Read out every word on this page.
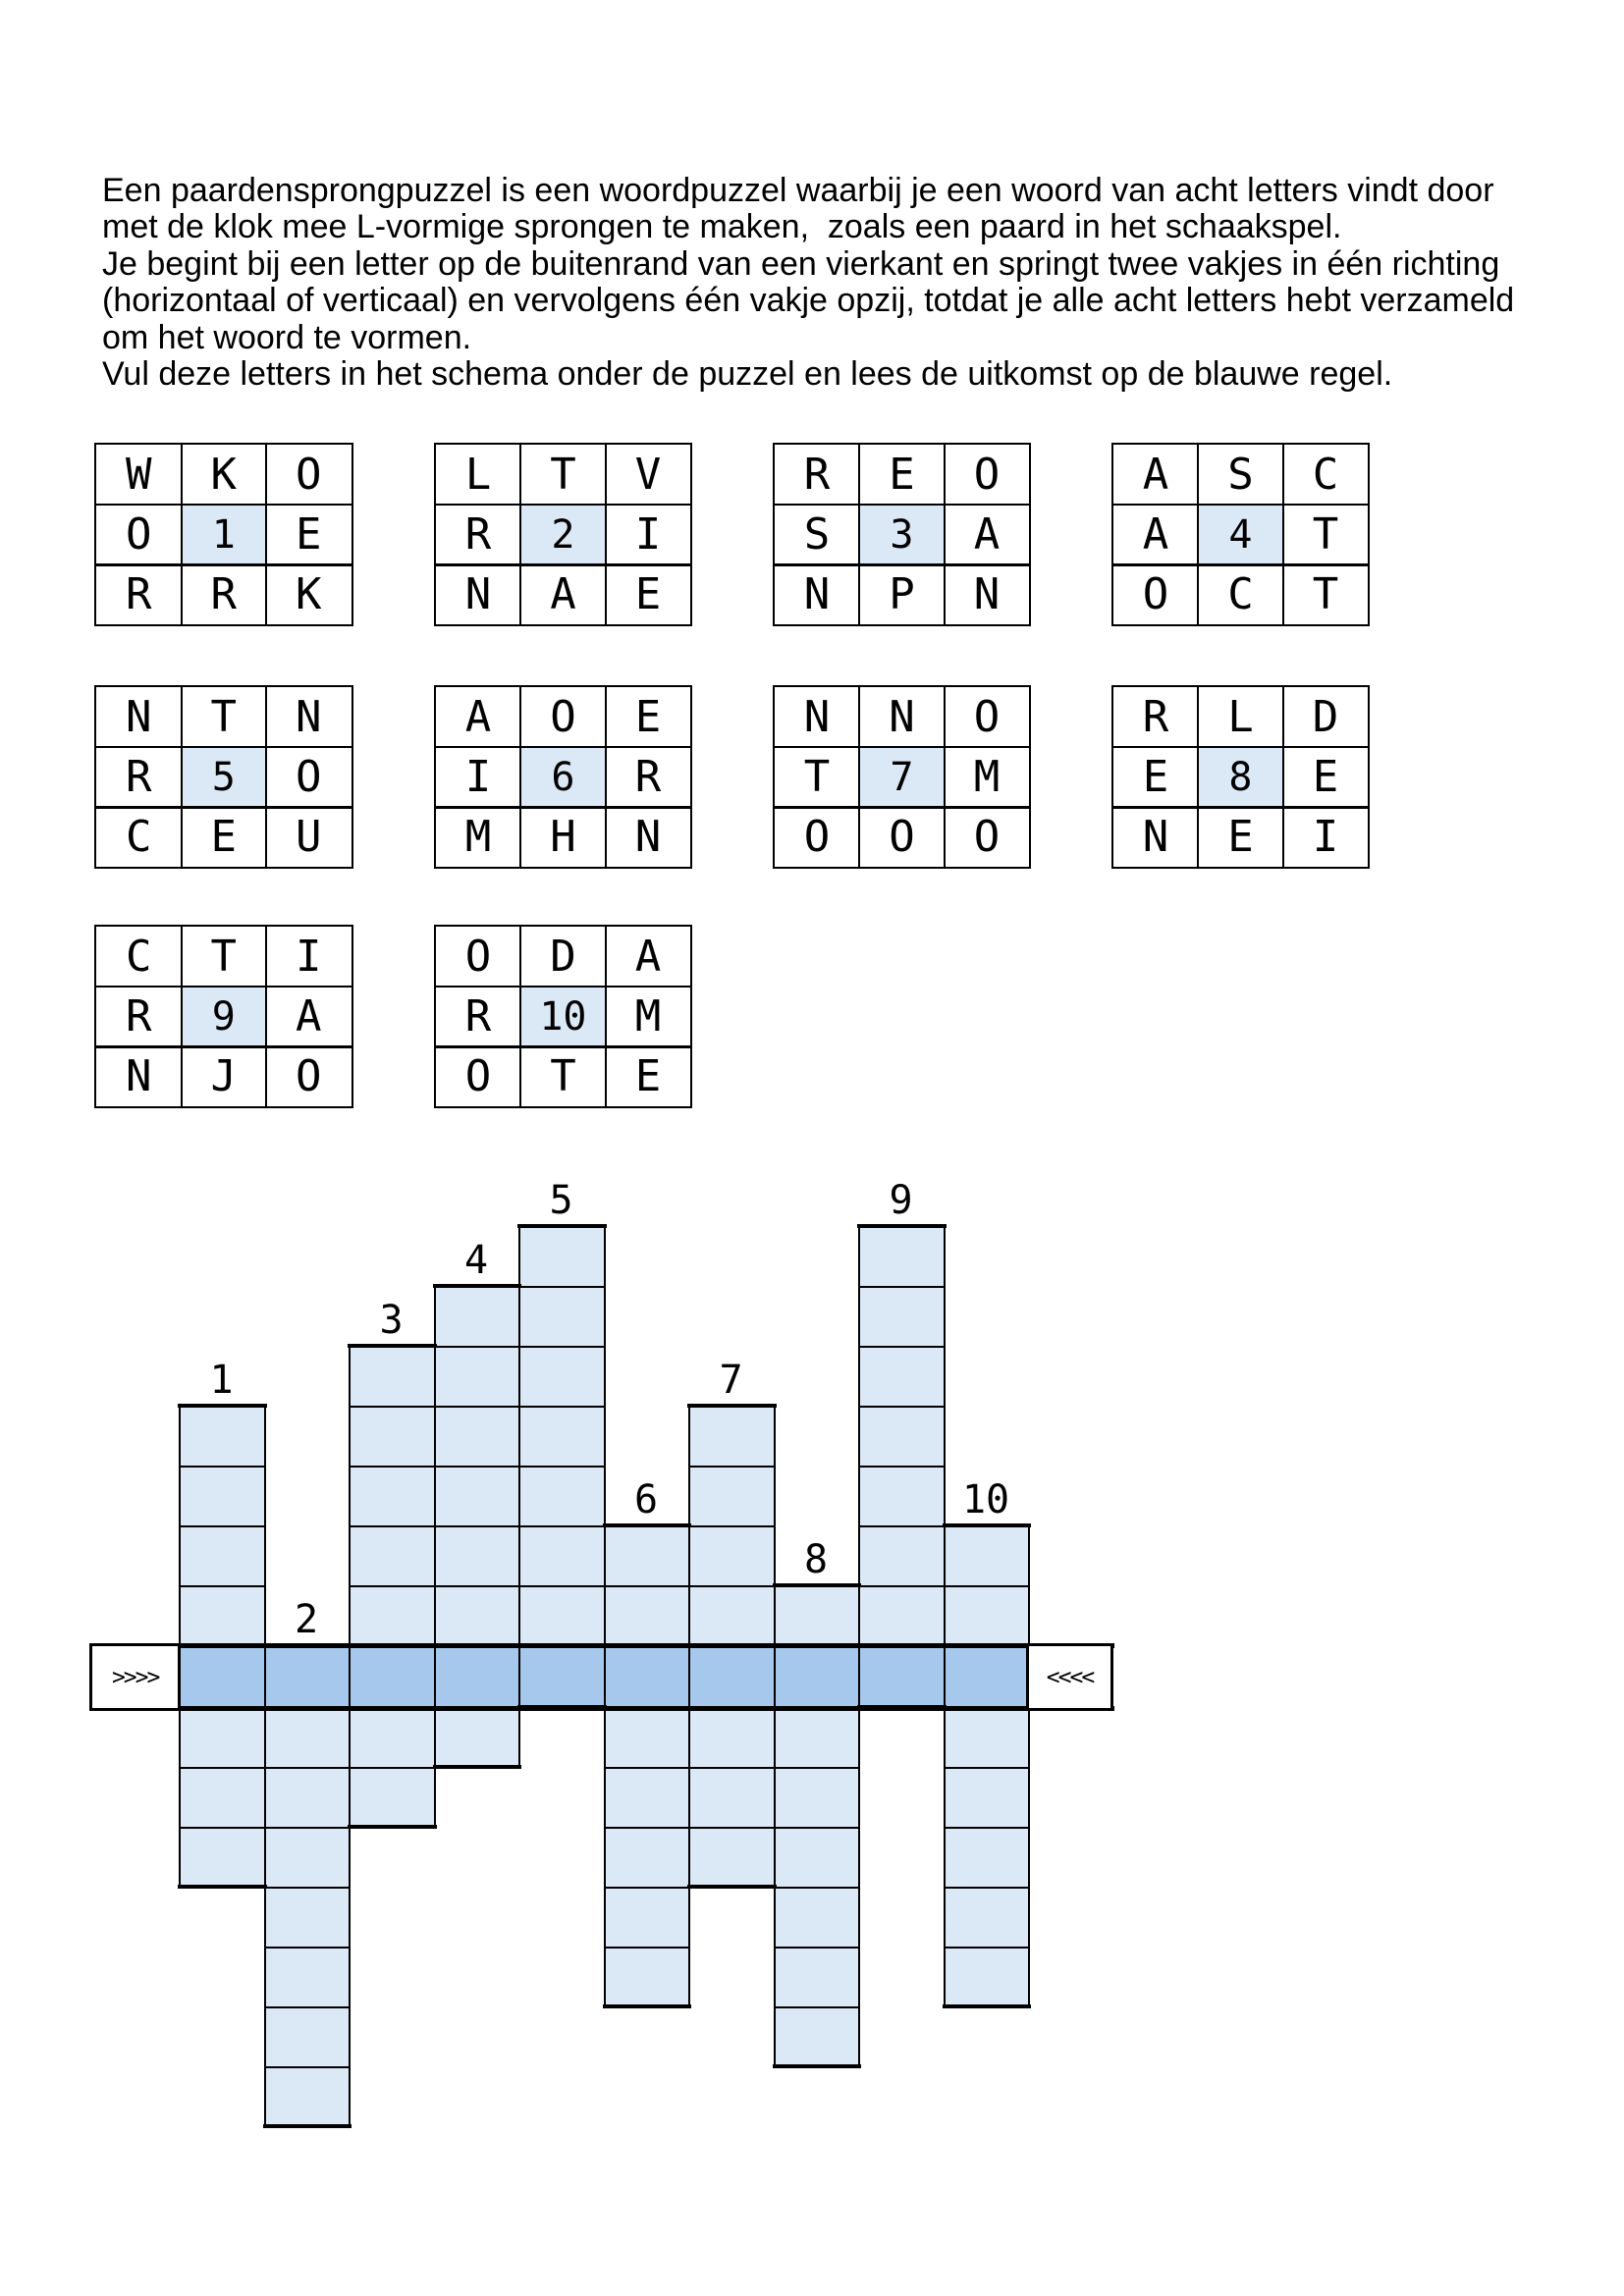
Een paardensprongpuzzel is een woordpuzzel waarbij je een woord van acht letters vindt door
met de klok mee L-vormige sprongen te maken,  zoals een paard in het schaakspel.
Je begint bij een letter op de buitenrand van een vierkant en springt twee vakjes in één richting
(horizontaal of verticaal) en vervolgens één vakje opzij, totdat je alle acht letters hebt verzameld
om het woord te vormen.
Vul deze letters in het schema onder de puzzel en lees de uitkomst op de blauwe regel.
W	K	O
O	1	E
R	R	K
L	T	V
R	2	I
N	A	E
R	E	O
S	3	A
N	P	N
A	S	C
A	4	T
O	C	T
N	T	N
R	5	O
C	E	U
A	O	E
I	6	R
M	H	N
N	N	O
T	7	M
O	O	O
R	L	D
E	8	E
N	E	I
C	T	I
R	9	A
N	J	O
O	D	A
R	10	M
O	T	E
1
2
3
4
5
6
7
8
9
10
>>>>	<<<<
